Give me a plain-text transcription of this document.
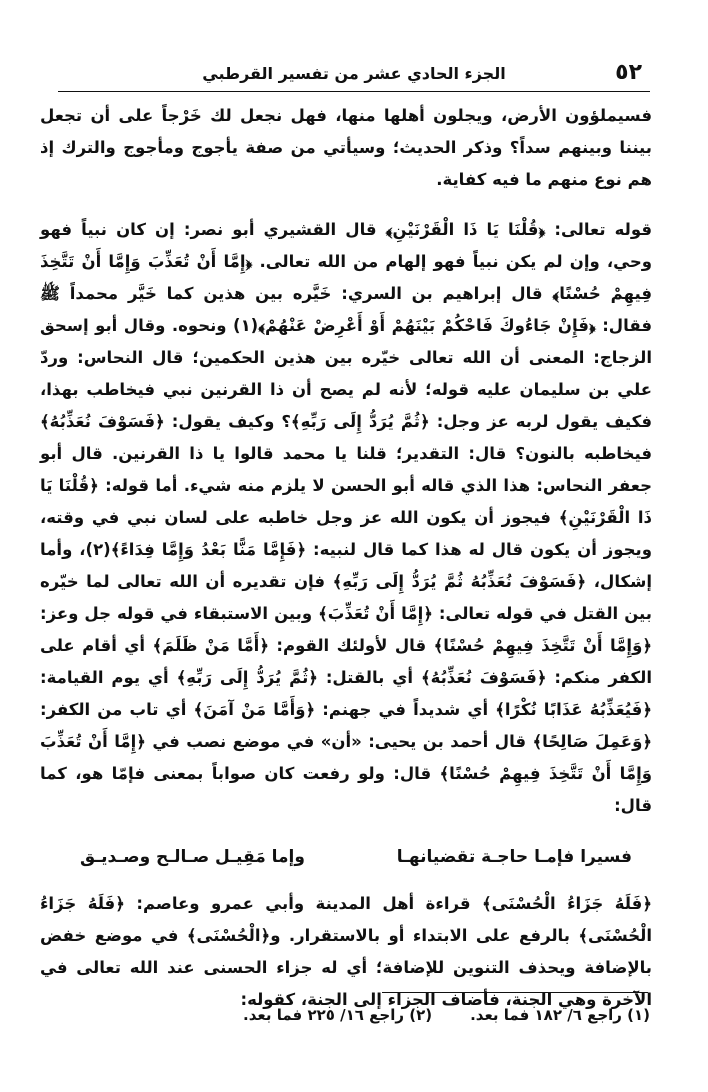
٥٢
الجزء الحادي عشر من تفسير القرطبي

فسيملؤون الأرض، ويجلون أهلها منها، فهل نجعل لك خَرْجاً على أن تجعل بيننا وبينهم سداً؟ وذكر الحديث؛ وسيأتي من صفة يأجوج ومأجوج والترك إذ هم نوع منهم ما فيه كفاية.

قوله تعالى: ﴿قُلْنَا يَا ذَا الْقَرْنَيْنِ﴾ قال القشيري أبو نصر: إن كان نبياً فهو وحي، وإن لم يكن نبياً فهو إلهام من الله تعالى. ﴿إِمَّا أَنْ تُعَذِّبَ وَإِمَّا أَنْ تَتَّخِذَ فِيهِمْ حُسْنًا﴾ قال إبراهيم بن السري: خَيَّره بين هذين كما خَيَّر محمداً ﷺ فقال: ﴿فَإِنْ جَاءُوكَ فَاحْكُمْ بَيْنَهُمْ أَوْ أَعْرِضْ عَنْهُمْ﴾(١) ونحوه. وقال أبو إسحق الزجاج: المعنى أن الله تعالى خيّره بين هذين الحكمين؛ قال النحاس: وردّ علي بن سليمان عليه قوله؛ لأنه لم يصح أن ذا القرنين نبي فيخاطب بهذا، فكيف يقول لربه عز وجل: ﴿ثُمَّ يُرَدُّ إِلَى رَبِّهِ﴾؟ وكيف يقول: ﴿فَسَوْفَ نُعَذِّبُهُ﴾ فيخاطبه بالنون؟ قال: التقدير؛ قلنا يا محمد قالوا يا ذا القرنين. قال أبو جعفر النحاس: هذا الذي قاله أبو الحسن لا يلزم منه شيء. أما قوله: ﴿قُلْنَا يَا ذَا الْقَرْنَيْنِ﴾ فيجوز أن يكون الله عز وجل خاطبه على لسان نبي في وقته، ويجوز أن يكون قال له هذا كما قال لنبيه: ﴿فَإِمَّا مَنًّا بَعْدُ وَإِمَّا فِدَاءً﴾(٢)، وأما إشكال، ﴿فَسَوْفَ نُعَذِّبُهُ ثُمَّ يُرَدُّ إِلَى رَبِّهِ﴾ فإن تقديره أن الله تعالى لما خيّره بين القتل في قوله تعالى: ﴿إِمَّا أَنْ تُعَذِّبَ﴾ وبين الاستبقاء في قوله جل وعز: ﴿وَإِمَّا أَنْ تَتَّخِذَ فِيهِمْ حُسْنًا﴾ قال لأولئك القوم: ﴿أَمَّا مَنْ ظَلَمَ﴾ أي أقام على الكفر منكم: ﴿فَسَوْفَ نُعَذِّبُهُ﴾ أي بالقتل: ﴿ثُمَّ يُرَدُّ إِلَى رَبِّهِ﴾ أي يوم القيامة: ﴿فَيُعَذِّبُهُ عَذَابًا نُكْرًا﴾ أي شديداً في جهنم: ﴿وَأَمَّا مَنْ آمَنَ﴾ أي تاب من الكفر: ﴿وَعَمِلَ صَالِحًا﴾ قال أحمد بن يحيى: «أن» في موضع نصب في ﴿إِمَّا أَنْ تُعَذِّبَ وَإِمَّا أَنْ تَتَّخِذَ فِيهِمْ حُسْنًا﴾ قال: ولو رفعت كان صواباً بمعنى فإمّا هو، كما قال:

فسيرا فإمـا حاجـة تقضيانهـا
وإما مَقِيـل صـالـح وصـديـق

﴿فَلَهُ جَزَاءُ الْحُسْنَى﴾ قراءة أهل المدينة وأبي عمرو وعاصم: ﴿فَلَهُ جَزَاءُ الْحُسْنَى﴾ بالرفع على الابتداء أو بالاستقرار. و﴿الْحُسْنَى﴾ في موضع خفض بالإضافة ويحذف التنوين للإضافة؛ أي له جزاء الحسنى عند الله تعالى في الآخرة وهي الجنة، فأضاف الجزاء إلى الجنة، كقوله:

(١) راجع ٦/ ١٨٢ فما بعد.
(٢) راجع ١٦/ ٢٢٥ فما بعد.
